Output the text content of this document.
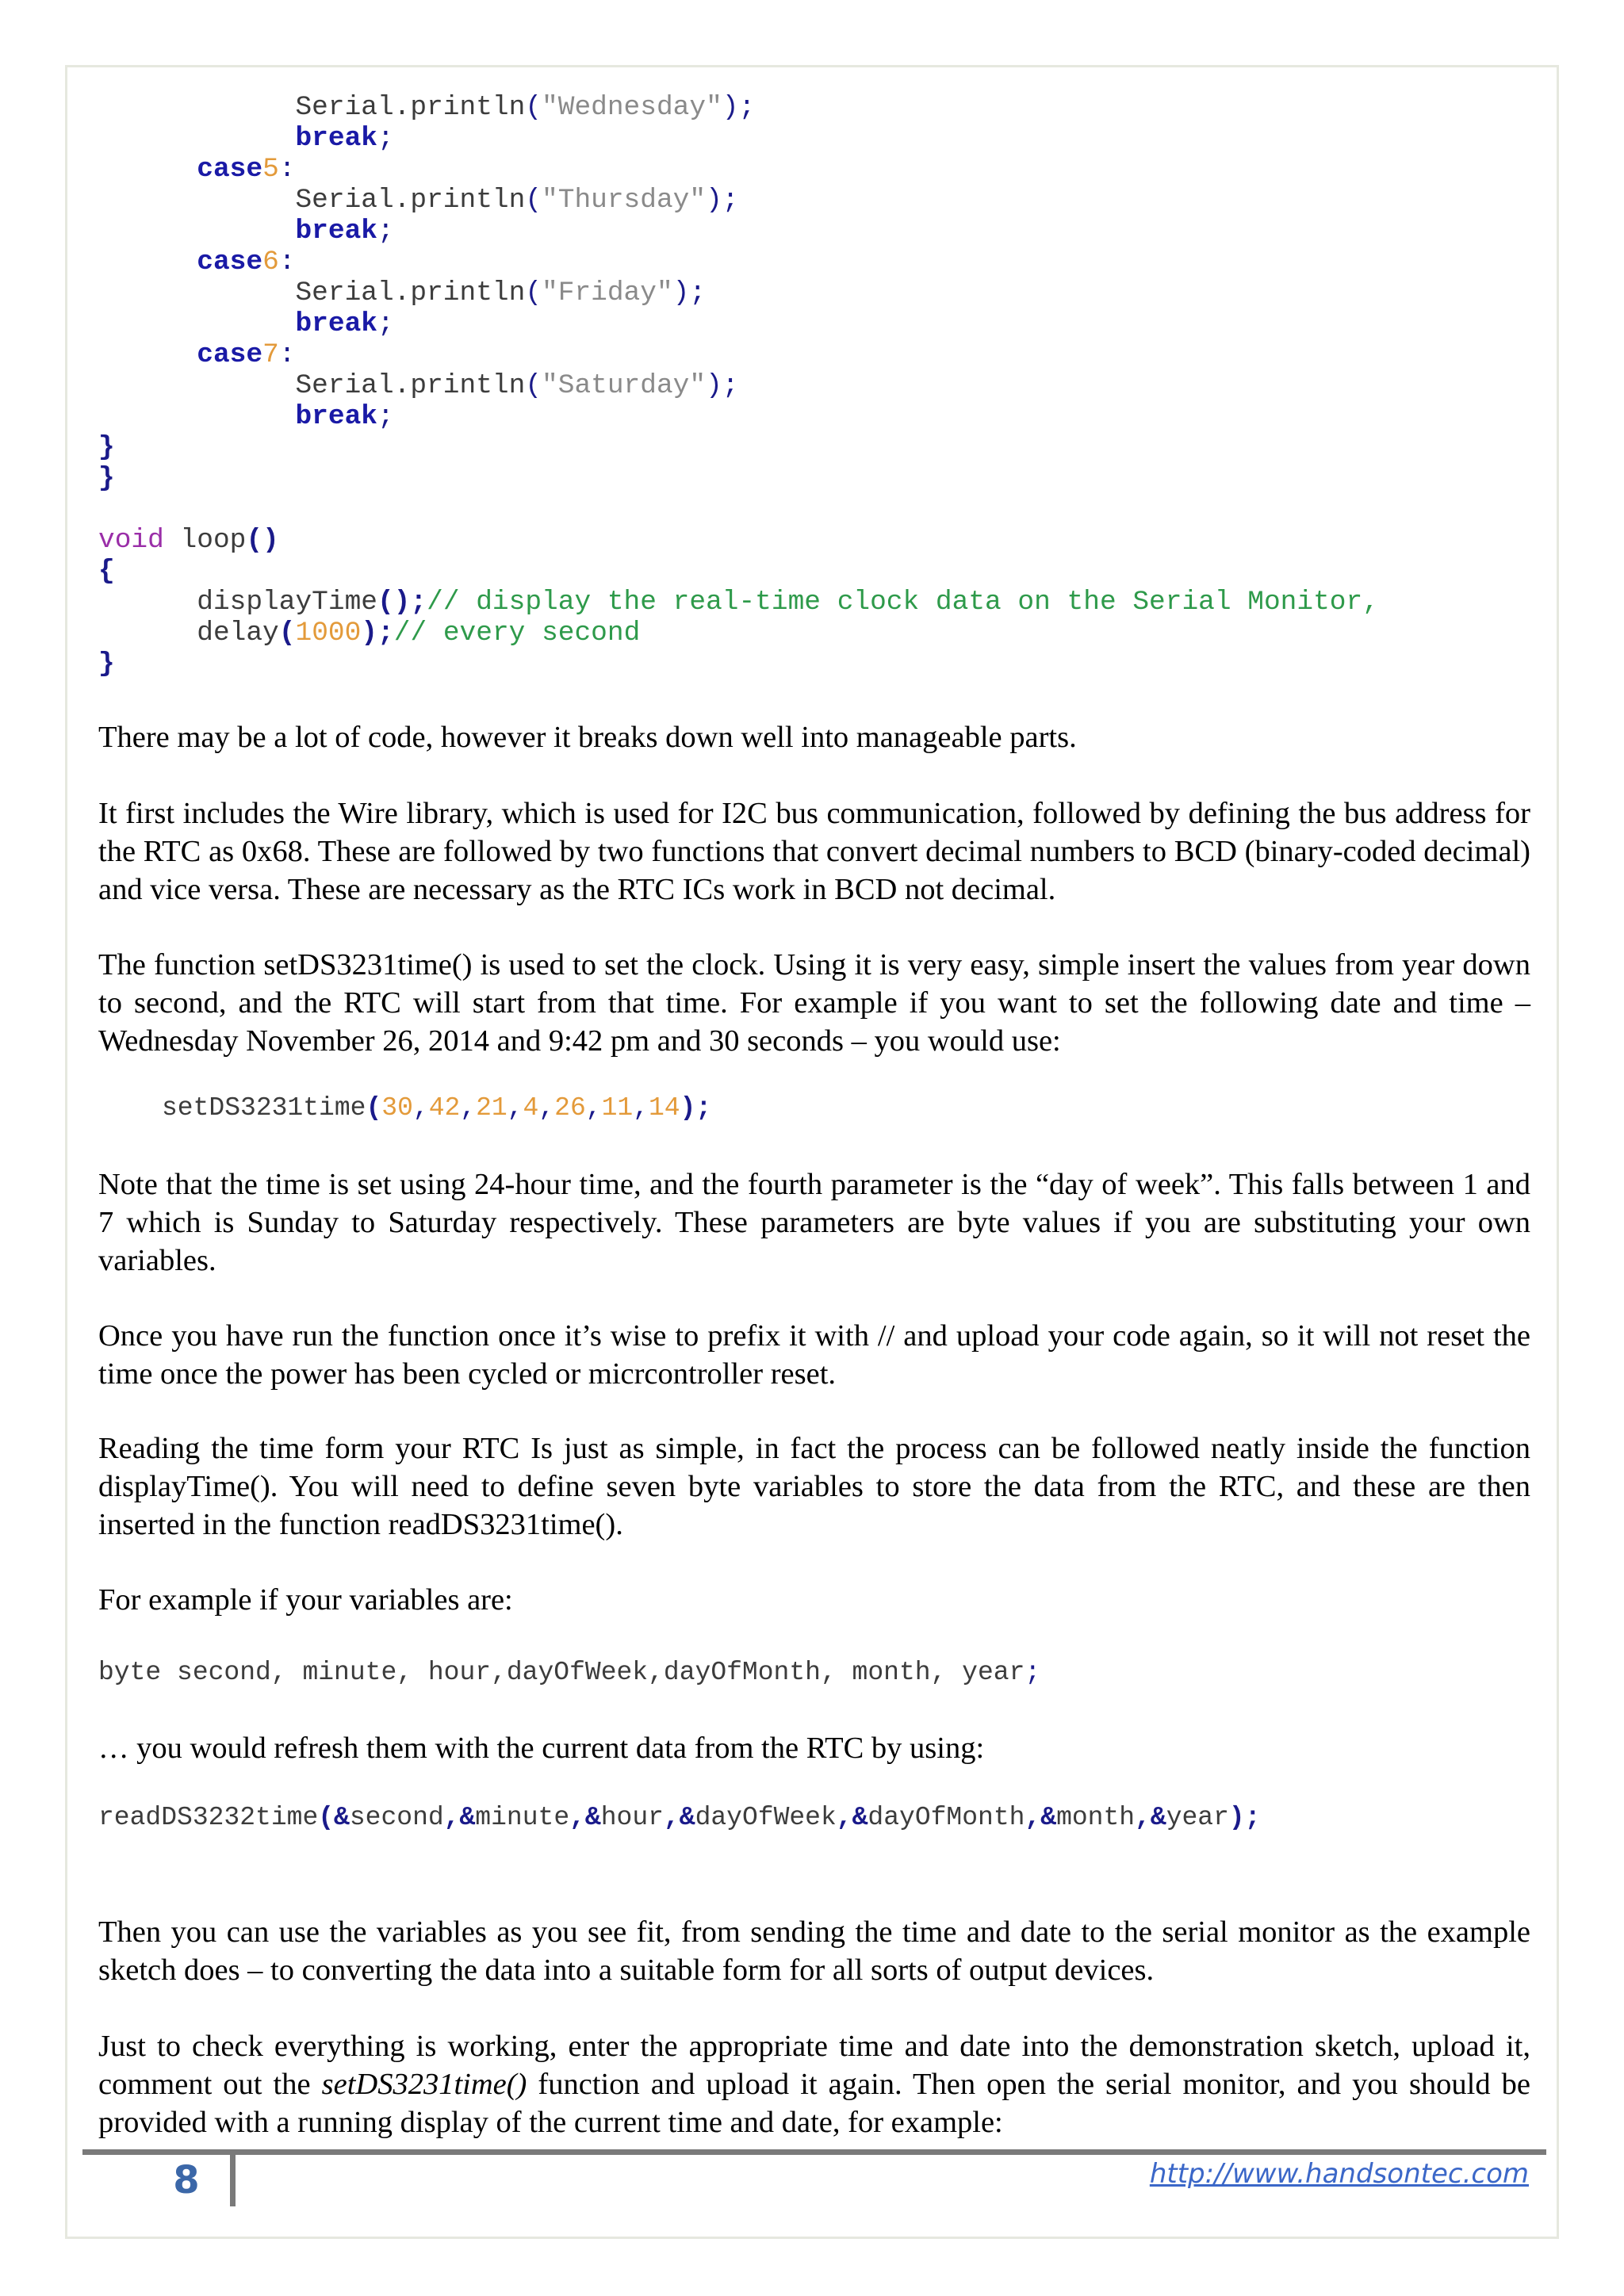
Serial.println("Wednesday");
break;
case5:
Serial.println("Thursday");
break;
case6:
Serial.println("Friday");
break;
case7:
Serial.println("Saturday");
break;
}
}

void loop()
{
displayTime();// display the real-time clock data on the Serial Monitor,
delay(1000);// every second
}

There may be a lot of code, however it breaks down well into manageable parts.

It first includes the Wire library, which is used for I2C bus communication, followed by defining the bus address for the RTC as 0x68. These are followed by two functions that convert decimal numbers to BCD (binary-coded decimal) and vice versa. These are necessary as the RTC ICs work in BCD not decimal.

The function setDS3231time() is used to set the clock. Using it is very easy, simple insert the values from year down to second, and the RTC will start from that time. For example if you want to set the following date and time – Wednesday November 26, 2014 and 9:42 pm and 30 seconds – you would use:

setDS3231time(30,42,21,4,26,11,14);

Note that the time is set using 24-hour time, and the fourth parameter is the “day of week”. This falls between 1 and 7 which is Sunday to Saturday respectively. These parameters are byte values if you are substituting your own variables.

Once you have run the function once it’s wise to prefix it with // and upload your code again, so it will not reset the time once the power has been cycled or micrcontroller reset.

Reading the time form your RTC Is just as simple, in fact the process can be followed neatly inside the function displayTime(). You will need to define seven byte variables to store the data from the RTC, and these are then inserted in the function readDS3231time().

For example if your variables are:

byte second, minute, hour,dayOfWeek,dayOfMonth, month, year;

… you would refresh them with the current data from the RTC by using:

readDS3232time(&second,&minute,&hour,&dayOfWeek,&dayOfMonth,&month,&year);

Then you can use the variables as you see fit, from sending the time and date to the serial monitor as the example sketch does – to converting the data into a suitable form for all sorts of output devices.

Just to check everything is working, enter the appropriate time and date into the demonstration sketch, upload it, comment out the setDS3231time() function and upload it again. Then open the serial monitor, and you should be provided with a running display of the current time and date, for example:

8	http://www.handsontec.com
